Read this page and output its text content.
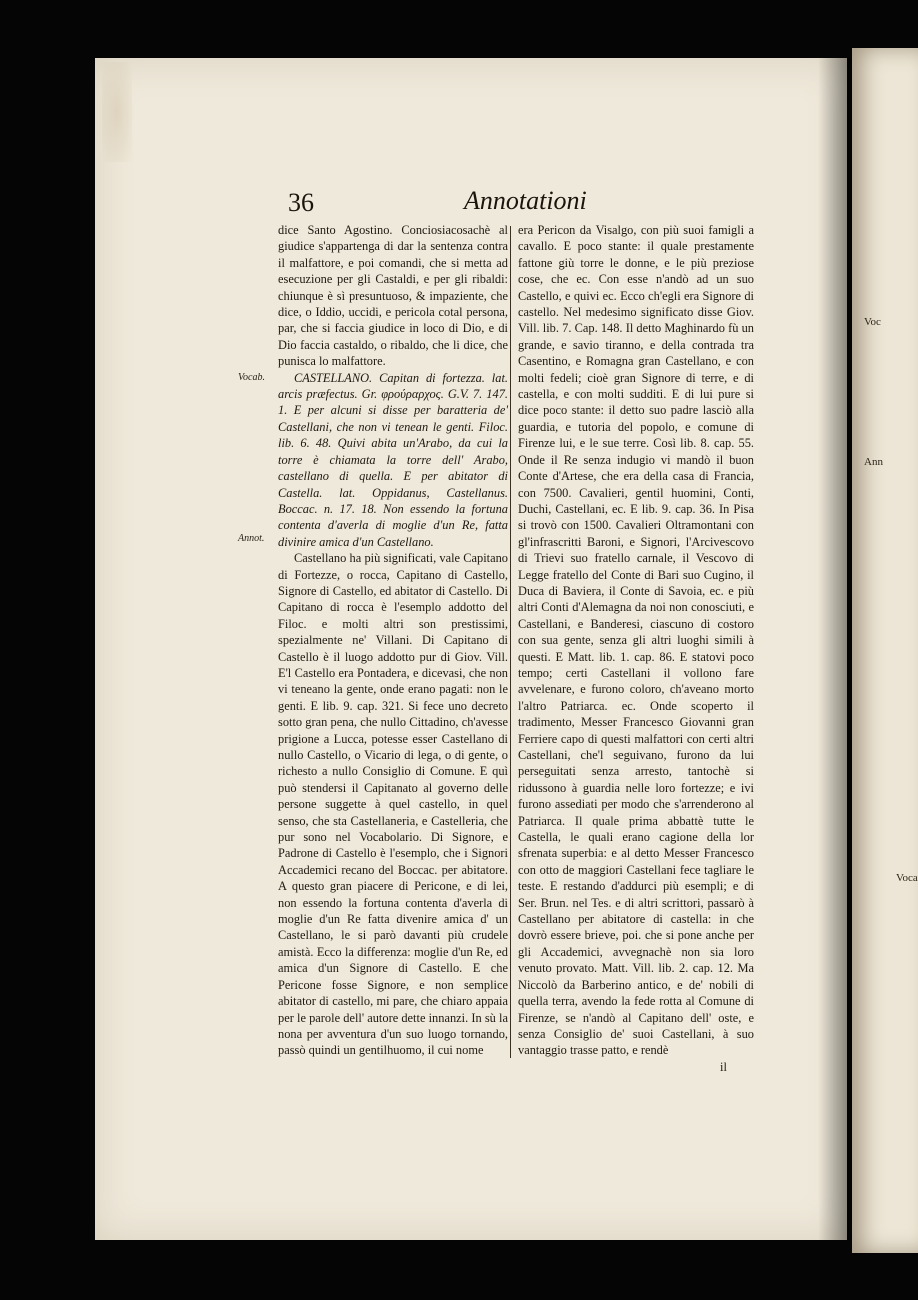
Voc
Ann
Voca
36	Annotationi
Vocab.
Annot.

dice Santo Agostino. Conciosiacosachè al giudice s'appartenga di dar la sentenza contra il malfattore, e poi comandi, che si metta ad esecuzione per gli Castaldi, e per gli ribaldi: chiunque è sì presuntuoso, & impaziente, che dice, o Iddio, uccidi, e pericola cotal persona, par, che si faccia giudice in loco di Dio, e di Dio faccia castaldo, o ribaldo, che li dice, che punisca lo malfattore.

CASTELLANO. Capitan di fortezza. lat. arcis præfectus. Gr. φρούραρχος. G.V. 7. 147. 1. E per alcuni si disse per baratteria de' Castellani, che non vi tenean le genti. Filoc. lib. 6. 48. Quivi abita un'Arabo, da cui la torre è chiamata la torre dell' Arabo, castellano di quella. E per abitator di Castella. lat. Oppidanus, Castellanus. Boccac. n. 17. 18. Non essendo la fortuna contenta d'averla di moglie d'un Re, fatta divinire amica d'un Castellano.

Castellano ha più significati, vale Capitano di Fortezze, o rocca, Capitano di Castello, Signore di Castello, ed abitator di Castello. Di Capitano di rocca è l'esemplo addotto del Filoc. e molti altri son prestissimi, spezialmente ne' Villani. Di Capitano di Castello è il luogo addotto pur di Giov. Vill. E'l Castello era Pontadera, e dicevasi, che non vi teneano la gente, onde erano pagati: non le genti. E lib. 9. cap. 321. Si fece uno decreto sotto gran pena, che nullo Cittadino, ch'avesse prigione a Lucca, potesse esser Castellano di nullo Castello, o Vicario di lega, o di gente, o richesto a nullo Consiglio di Comune. E quì può stendersi il Capitanato al governo delle persone suggette à quel castello, in quel senso, che sta Castellaneria, e Castelleria, che pur sono nel Vocabolario. Di Signore, e Padrone di Castello è l'esemplo, che i Signori Accademici recano del Boccac. per abitatore. A questo gran piacere di Pericone, e di lei, non essendo la fortuna contenta d'averla di moglie d'un Re fatta divenire amica d' un Castellano, le si parò davanti più crudele amistà. Ecco la differenza: moglie d'un Re, ed amica d'un Signore di Castello. E che Pericone fosse Signore, e non semplice abitator di castello, mi pare, che chiaro appaia per le parole dell' autore dette innanzi. In sù la nona per avventura d'un suo luogo tornando, passò quindi un gentilhuomo, il cui nome

era Pericon da Visalgo, con più suoi famigli a cavallo. E poco stante: il quale prestamente fattone giù torre le donne, e le più preziose cose, che ec. Con esse n'andò ad un suo Castello, e quivi ec. Ecco ch'egli era Signore di castello. Nel medesimo significato disse Giov. Vill. lib. 7. Cap. 148. Il detto Maghinardo fù un grande, e savio tiranno, e della contrada tra Casentino, e Romagna gran Castellano, e con molti fedeli; cioè gran Signore di terre, e di castella, e con molti sudditi. E di lui pure si dice poco stante: il detto suo padre lasciò alla guardia, e tutoria del popolo, e comune di Firenze lui, e le sue terre. Così lib. 8. cap. 55. Onde il Re senza indugio vi mandò il buon Conte d'Artese, che era della casa di Francia, con 7500. Cavalieri, gentil huomini, Conti, Duchi, Castellani, ec. E lib. 9. cap. 36. In Pisa si trovò con 1500. Cavalieri Oltramontani con gl'infrascritti Baroni, e Signori, l'Arcivescovo di Trievi suo fratello carnale, il Vescovo di Legge fratello del Conte di Bari suo Cugino, il Duca di Baviera, il Conte di Savoia, ec. e più altri Conti d'Alemagna da noi non conosciuti, e Castellani, e Banderesi, ciascuno di costoro con sua gente, senza gli altri luoghi simili à questi. E Matt. lib. 1. cap. 86. E statovi poco tempo; certi Castellani il vollono fare avvelenare, e furono coloro, ch'aveano morto l'altro Patriarca. ec. Onde scoperto il tradimento, Messer Francesco Giovanni gran Ferriere capo di questi malfattori con certi altri Castellani, che'l seguivano, furono da lui perseguitati senza arresto, tantochè si ridussono à guardia nelle loro fortezze; e ivi furono assediati per modo che s'arrenderono al Patriarca. Il quale prima abbattè tutte le Castella, le quali erano cagione della lor sfrenata superbia: e al detto Messer Francesco con otto de maggiori Castellani fece tagliare le teste. E restando d'addurci più esempli; e di Ser. Brun. nel Tes. e di altri scrittori, passarò à Castellano per abitatore di castella: in che dovrò essere brieve, poi. che si pone anche per gli Accademici, avvegnachè non sia loro venuto provato. Matt. Vill. lib. 2. cap. 12. Ma Niccolò da Barberino antico, e de' nobili di quella terra, avendo la fede rotta al Comune di Firenze, se n'andò al Capitano dell' oste, e senza Consiglio de' suoi Castellani, à suo vantaggio trasse patto, e rendè

il
